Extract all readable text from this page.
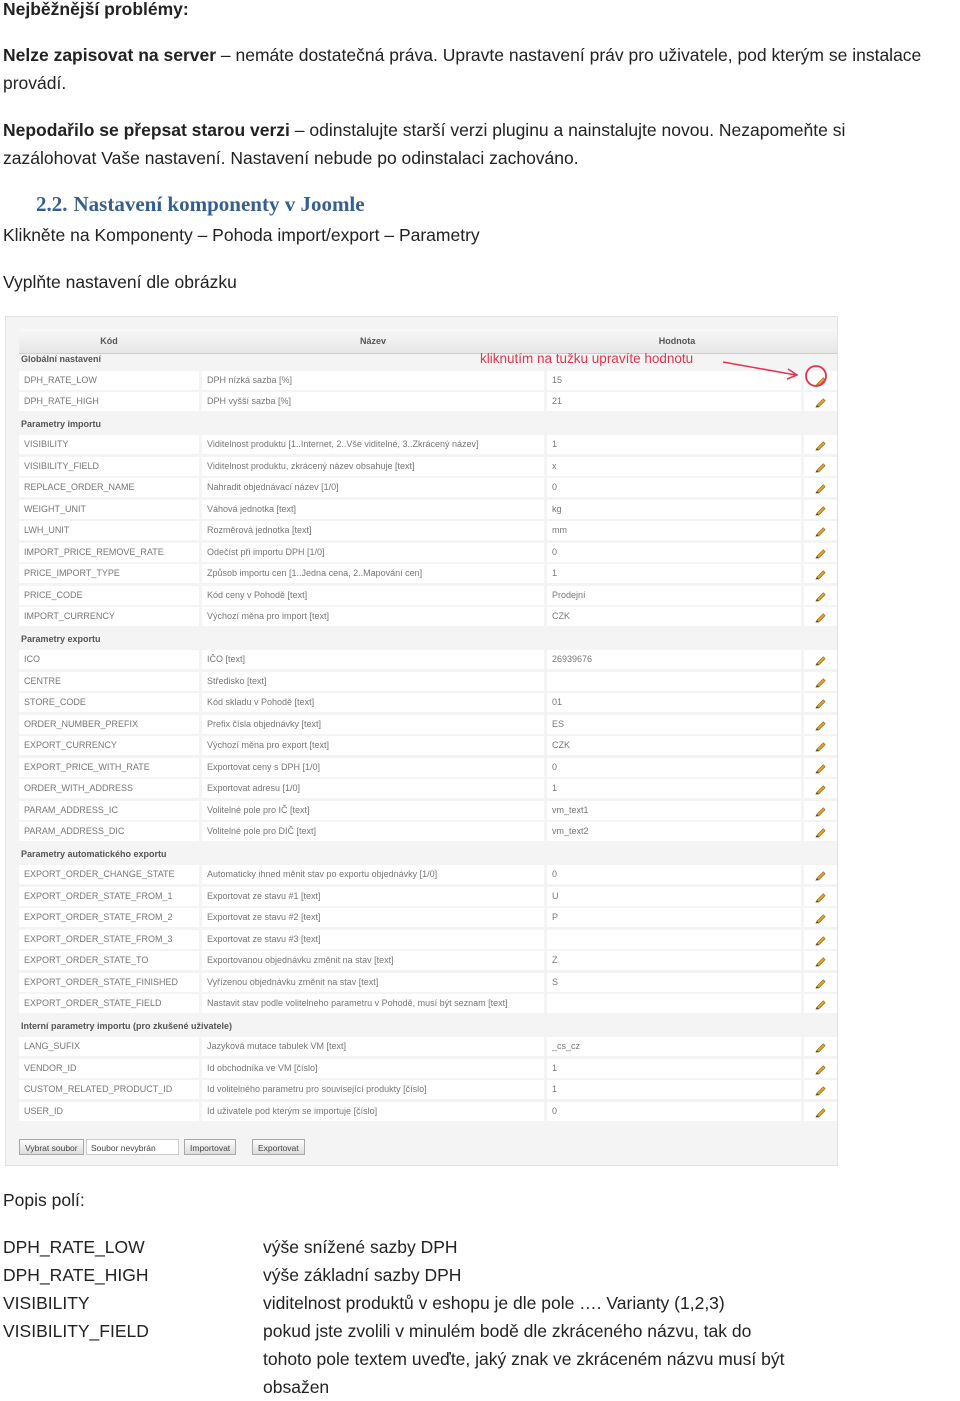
Nejběžnější problémy:

Nelze zapisovat na server – nemáte dostatečná práva. Upravte nastavení práv pro uživatele, pod kterým se instalace

provádí.

Nepodařilo se přepsat starou verzi – odinstalujte starší verzi pluginu a nainstalujte novou. Nezapomeňte si

zazálohovat Vaše nastavení. Nastavení nebude po odinstalaci zachováno.

2.2. Nastavení komponenty v Joomle

Klikněte na Komponenty – Pohoda import/export – Parametry

Vyplňte nastavení dle obrázku

Kód	Název	Hodnota
Globální nastavení
DPH_RATE_LOW	DPH nízká sazba [%]	15
DPH_RATE_HIGH	DPH vyšší sazba [%]	21
Parametry importu
VISIBILITY	Viditelnost produktu [1..Internet, 2..Vše viditelné, 3..Zkrácený název]	1
VISIBILITY_FIELD	Viditelnost produktu, zkrácený název obsahuje [text]	x
REPLACE_ORDER_NAME	Nahradit objednávací název [1/0]	0
WEIGHT_UNIT	Váhová jednotka [text]	kg
LWH_UNIT	Rozměrová jednotka [text]	mm
IMPORT_PRICE_REMOVE_RATE	Odečíst při importu DPH [1/0]	0
PRICE_IMPORT_TYPE	Způsob importu cen [1..Jedna cena, 2..Mapování cen]	1
PRICE_CODE	Kód ceny v Pohodě [text]	Prodejní
IMPORT_CURRENCY	Výchozí měna pro import [text]	CZK
Parametry exportu
ICO	IČO [text]	26939676
CENTRE	Středisko [text]
STORE_CODE	Kód skladu v Pohodě [text]	01
ORDER_NUMBER_PREFIX	Prefix čísla objednávky [text]	ES
EXPORT_CURRENCY	Výchozí měna pro export [text]	CZK
EXPORT_PRICE_WITH_RATE	Exportovat ceny s DPH [1/0]	0
ORDER_WITH_ADDRESS	Exportovat adresu [1/0]	1
PARAM_ADDRESS_IC	Volitelné pole pro IČ [text]	vm_text1
PARAM_ADDRESS_DIC	Volitelné pole pro DIČ [text]	vm_text2
Parametry automatického exportu
EXPORT_ORDER_CHANGE_STATE	Automaticky ihned měnit stav po exportu objednávky [1/0]	0
EXPORT_ORDER_STATE_FROM_1	Exportovat ze stavu #1 [text]	U
EXPORT_ORDER_STATE_FROM_2	Exportovat ze stavu #2 [text]	P
EXPORT_ORDER_STATE_FROM_3	Exportovat ze stavu #3 [text]
EXPORT_ORDER_STATE_TO	Exportovanou objednávku změnit na stav [text]	Z
EXPORT_ORDER_STATE_FINISHED	Vyřízenou objednávku změnit na stav [text]	S
EXPORT_ORDER_STATE_FIELD	Nastavit stav podle volitelneho parametru v Pohodě, musí být seznam [text]
Interní parametry importu (pro zkušené uživatele)
LANG_SUFIX	Jazyková mutace tabulek VM [text]	_cs_cz
VENDOR_ID	Id obchodníka ve VM [číslo]	1
CUSTOM_RELATED_PRODUCT_ID	Id volitelného parametru pro související produkty [číslo]	1
USER_ID	Id uživatele pod kterým se importuje [číslo]	0
kliknutím na tužku upravíte hodnotu
Vybrat soubor	Soubor nevybrán	Importovat	Exportovat

Popis polí:

DPH_RATE_LOW	výše snížené sazby DPH

DPH_RATE_HIGH	výše základní sazby DPH

VISIBILITY	viditelnost produktů v eshopu je dle pole …. Varianty (1,2,3)

VISIBILITY_FIELD	pokud jste zvolili v minulém bodě dle zkráceného názvu, tak do

tohoto pole textem uveďte, jaký znak ve zkráceném názvu musí být

obsažen
